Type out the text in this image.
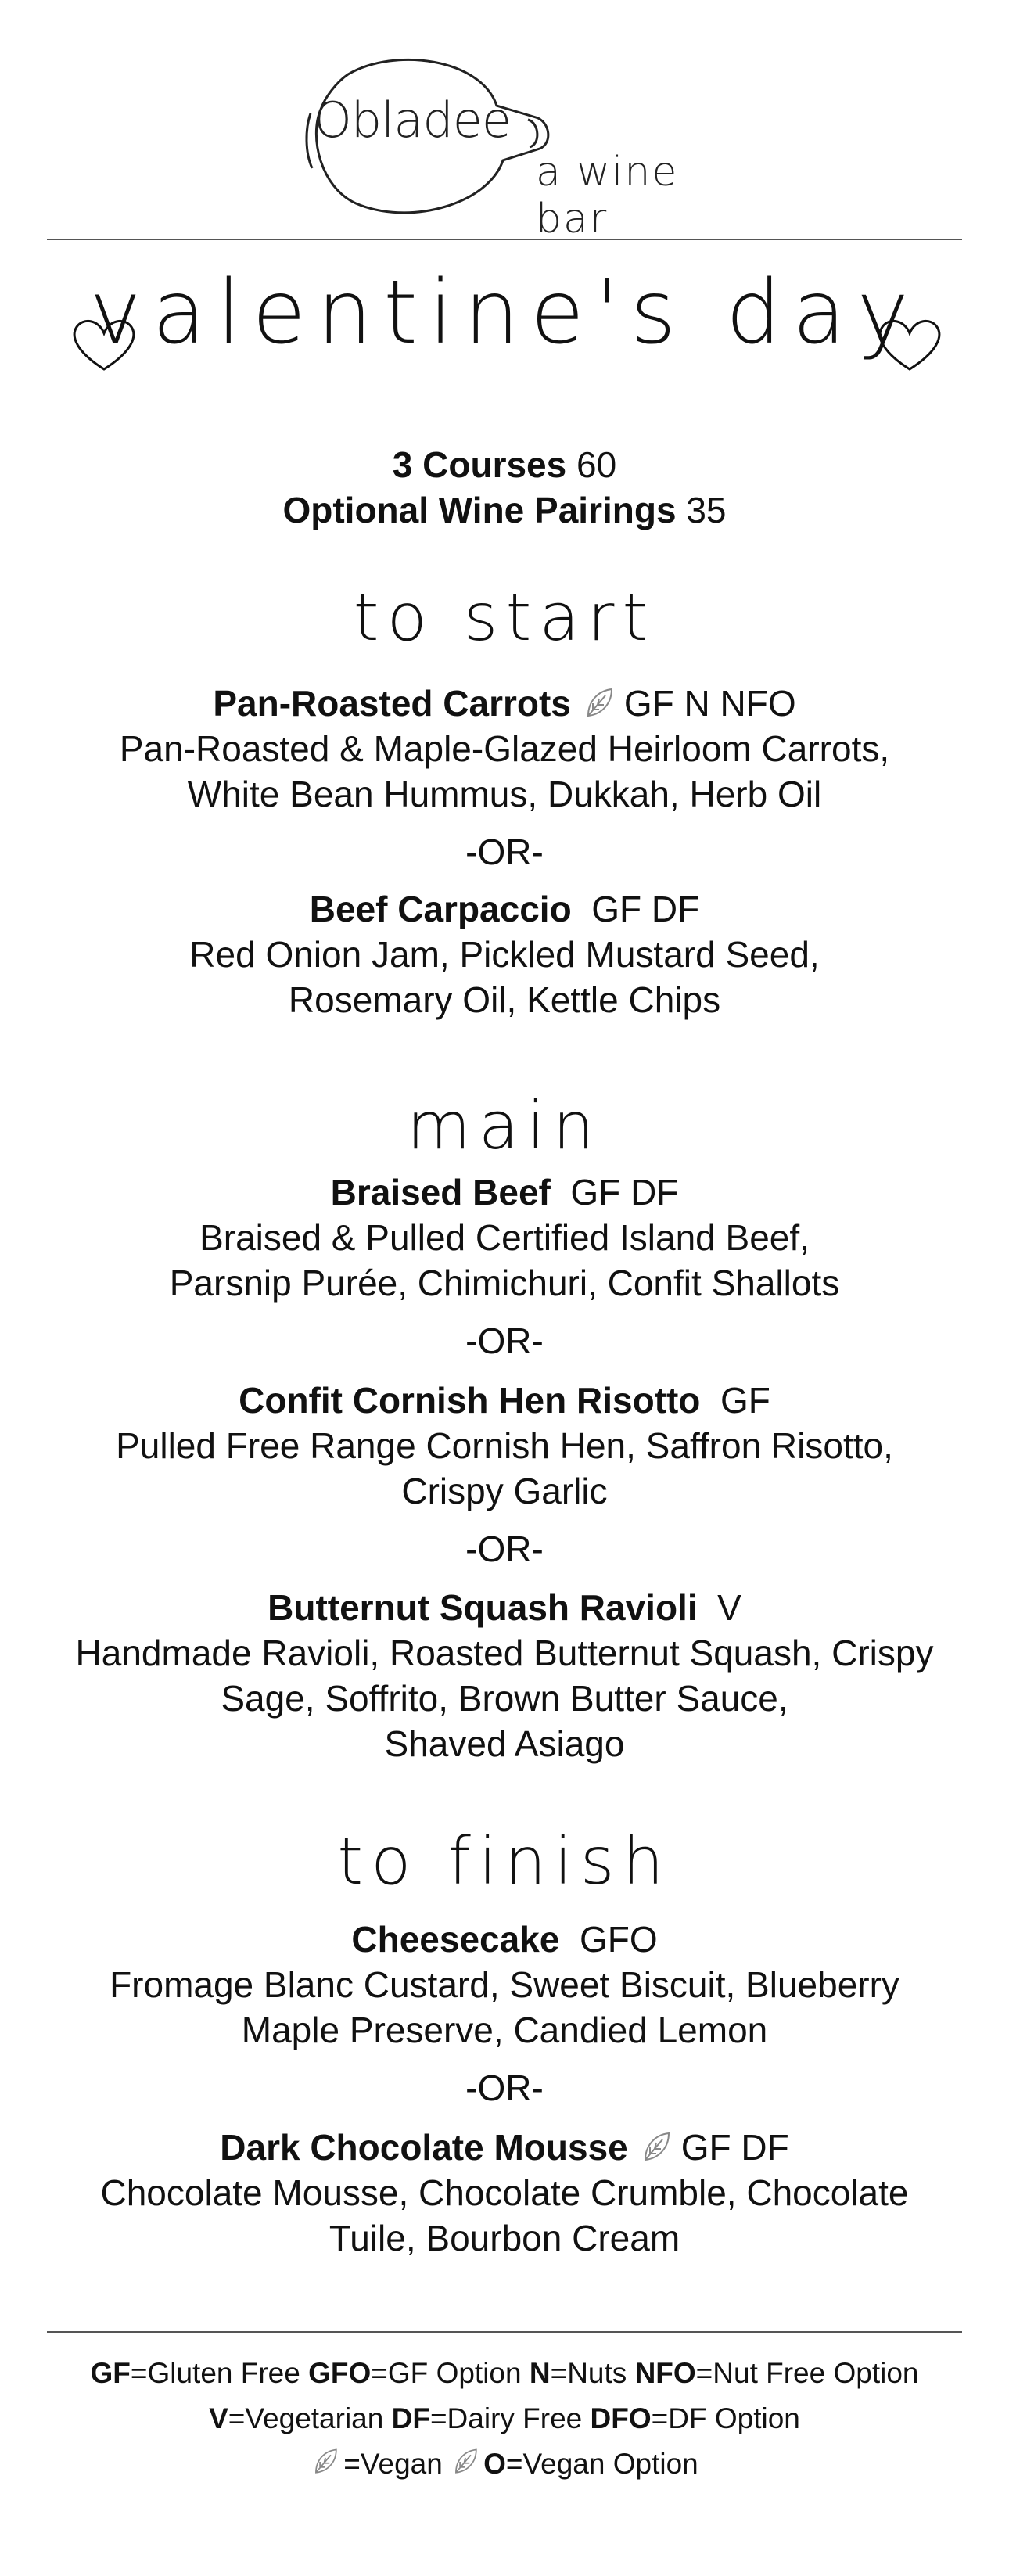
Obladee
a wine bar
valentine's day
3 Courses 60
Optional Wine Pairings 35
to start
Pan-Roasted Carrots GF N NFO
Pan-Roasted & Maple-Glazed Heirloom Carrots,
White Bean Hummus, Dukkah, Herb Oil
-OR-
Beef Carpaccio GF DF
Red Onion Jam, Pickled Mustard Seed,
Rosemary Oil, Kettle Chips
main
Braised Beef GF DF
Braised & Pulled Certified Island Beef,
Parsnip Purée, Chimichuri, Confit Shallots
-OR-
Confit Cornish Hen Risotto GF
Pulled Free Range Cornish Hen, Saffron Risotto,
Crispy Garlic
-OR-
Butternut Squash Ravioli V
Handmade Ravioli, Roasted Butternut Squash, Crispy
Sage, Soffrito, Brown Butter Sauce,
Shaved Asiago
to finish
Cheesecake GFO
Fromage Blanc Custard, Sweet Biscuit, Blueberry
Maple Preserve, Candied Lemon
-OR-
Dark Chocolate Mousse GF DF
Chocolate Mousse, Chocolate Crumble, Chocolate
Tuile, Bourbon Cream
GF=Gluten Free GFO=GF Option N=Nuts NFO=Nut Free Option
V=Vegetarian DF=Dairy Free DFO=DF Option
=Vegan O=Vegan Option
